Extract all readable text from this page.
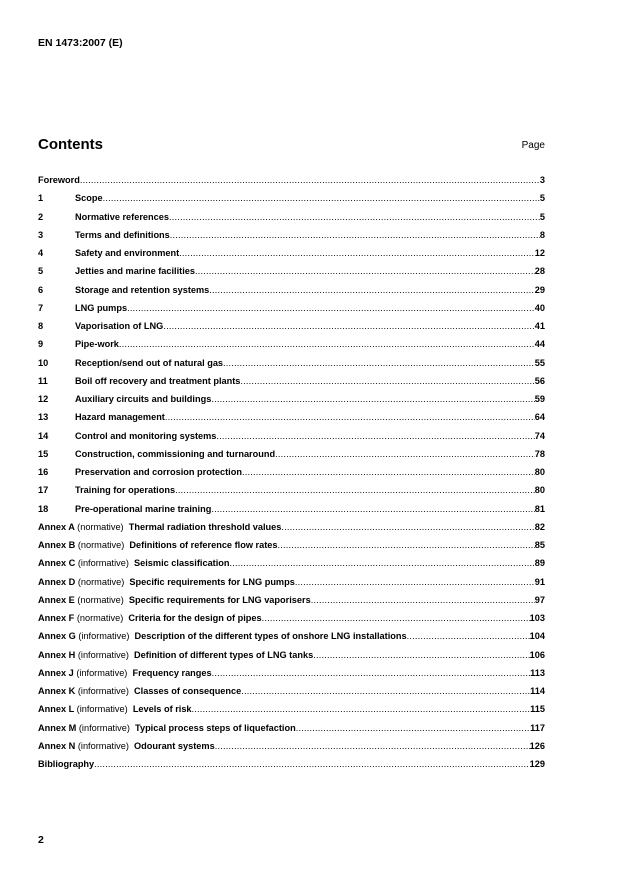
EN 1473:2007 (E)
Contents	Page
Foreword .....	3
1	Scope .....	5
2	Normative references .....	5
3	Terms and definitions .....	8
4	Safety and environment .....	12
5	Jetties and marine facilities .....	28
6	Storage and retention systems .....	29
7	LNG pumps .....	40
8	Vaporisation of LNG .....	41
9	Pipe-work .....	44
10	Reception/send out of natural gas .....	55
11	Boil off recovery and treatment plants .....	56
12	Auxiliary circuits and buildings .....	59
13	Hazard management .....	64
14	Control and monitoring systems .....	74
15	Construction, commissioning and turnaround .....	78
16	Preservation and corrosion protection .....	80
17	Training for operations .....	80
18	Pre-operational marine training .....	81
Annex A (normative) Thermal radiation threshold values .....	82
Annex B (normative) Definitions of reference flow rates .....	85
Annex C (informative) Seismic classification .....	89
Annex D (normative) Specific requirements for LNG pumps .....	91
Annex E (normative) Specific requirements for LNG vaporisers .....	97
Annex F (normative) Criteria for the design of pipes .....	103
Annex G (informative) Description of the different types of onshore LNG installations .....	104
Annex H (informative) Definition of different types of LNG tanks .....	106
Annex J (informative) Frequency ranges .....	113
Annex K (informative) Classes of consequence .....	114
Annex L (informative) Levels of risk .....	115
Annex M (informative) Typical process steps of liquefaction .....	117
Annex N (informative) Odourant systems .....	126
Bibliography .....	129
2
